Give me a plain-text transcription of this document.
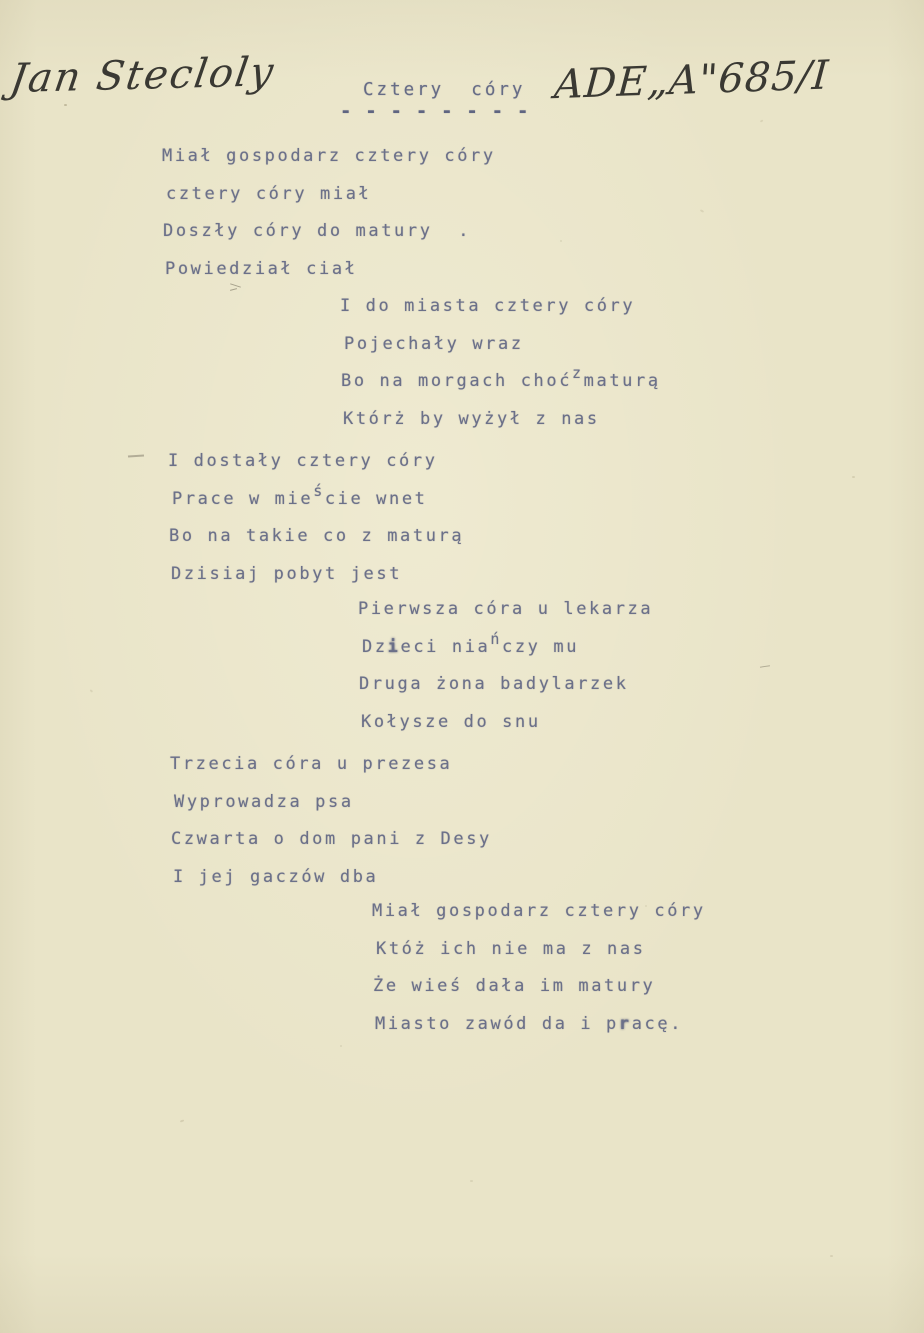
Jan Stecloly	ADE„A"685/I
Cztery  córy
- - - - - - - -
Miał gospodarz cztery córy
cztery córy miał
Doszły córy do matury  .
Powiedział ciał
I do miasta cztery córy
Pojechały wraz
Bo na morgach choćzmaturą
Którż by wyżył z nas
I dostały cztery córy
Prace w mieście wnet
Bo na takie co z maturą
Dzisiaj pobyt jest
Pierwsza córa u lekarza
Dzieci niańczy mu
Druga żona badylarzek
Kołysze do snu
Trzecia córa u prezesa
Wyprowadza psa
Czwarta o dom pani z Desy
I jej gaczów dba
Miał gospodarz cztery córy
Któż ich nie ma z nas
Że wieś dała im matury
Miasto zawód da i pracę.
